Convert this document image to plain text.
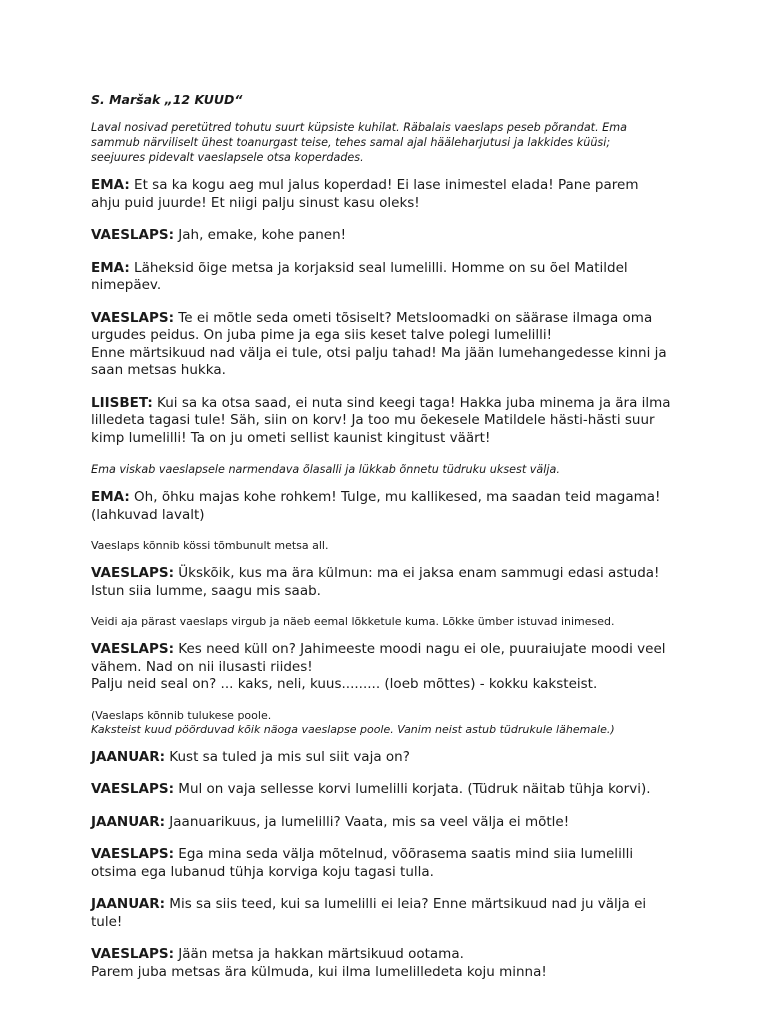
S. Maršak „12 KUUD“

Laval nosivad peretütred tohutu suurt küpsiste kuhilat. Räbalais vaeslaps peseb põrandat. Ema
sammub närviliselt ühest toanurgast teise, tehes samal ajal hääleharjutusi ja lakkides küüsi;
seejuures pidevalt vaeslapsele otsa koperdades.

EMA: Et sa ka kogu aeg mul jalus koperdad! Ei lase inimestel elada! Pane parem
ahju puid juurde! Et niigi palju sinust kasu oleks!

VAESLAPS: Jah, emake, kohe panen!

EMA: Läheksid õige metsa ja korjaksid seal lumelilli. Homme on su õel Matildel
nimepäev.

VAESLAPS: Te ei mõtle seda ometi tõsiselt? Metsloomadki on säärase ilmaga oma
urgudes peidus. On juba pime ja ega siis keset talve polegi lumelilli!
Enne märtsikuud nad välja ei tule, otsi palju tahad! Ma jään lumehangedesse kinni ja
saan metsas hukka.

LIISBET: Kui sa ka otsa saad, ei nuta sind keegi taga! Hakka juba minema ja ära ilma
lilledeta tagasi tule! Säh, siin on korv! Ja too mu õekesele Matildele hästi-hästi suur
kimp lumelilli! Ta on ju ometi sellist kaunist kingitust väärt!

Ema viskab vaeslapsele narmendava õlasalli ja lükkab õnnetu tüdruku uksest välja.

EMA: Oh, õhku majas kohe rohkem! Tulge, mu kallikesed, ma saadan teid magama!
(lahkuvad lavalt)

Vaeslaps kõnnib kössi tõmbunult metsa all.

VAESLAPS: Ükskõik, kus ma ära külmun: ma ei jaksa enam sammugi edasi astuda!
Istun siia lumme, saagu mis saab.

Veidi aja pärast vaeslaps virgub ja näeb eemal lõkketule kuma. Lõkke ümber istuvad inimesed.

VAESLAPS: Kes need küll on? Jahimeeste moodi nagu ei ole, puuraiujate moodi veel
vähem. Nad on nii ilusasti riides!
Palju neid seal on? ... kaks, neli, kuus......... (loeb mõttes) - kokku kaksteist.

(Vaeslaps kõnnib tulukese poole.
Kaksteist kuud pöörduvad kõik näoga vaeslapse poole. Vanim neist astub tüdrukule lähemale.)

JAANUAR: Kust sa tuled ja mis sul siit vaja on?

VAESLAPS: Mul on vaja sellesse korvi lumelilli korjata. (Tüdruk näitab tühja korvi).

JAANUAR: Jaanuarikuus, ja lumelilli? Vaata, mis sa veel välja ei mõtle!

VAESLAPS: Ega mina seda välja mõtelnud, võõrasema saatis mind siia lumelilli
otsima ega lubanud tühja korviga koju tagasi tulla.

JAANUAR: Mis sa siis teed, kui sa lumelilli ei leia? Enne märtsikuud nad ju välja ei
tule!

VAESLAPS: Jään metsa ja hakkan märtsikuud ootama.
Parem juba metsas ära külmuda, kui ilma lumelilledeta koju minna!
